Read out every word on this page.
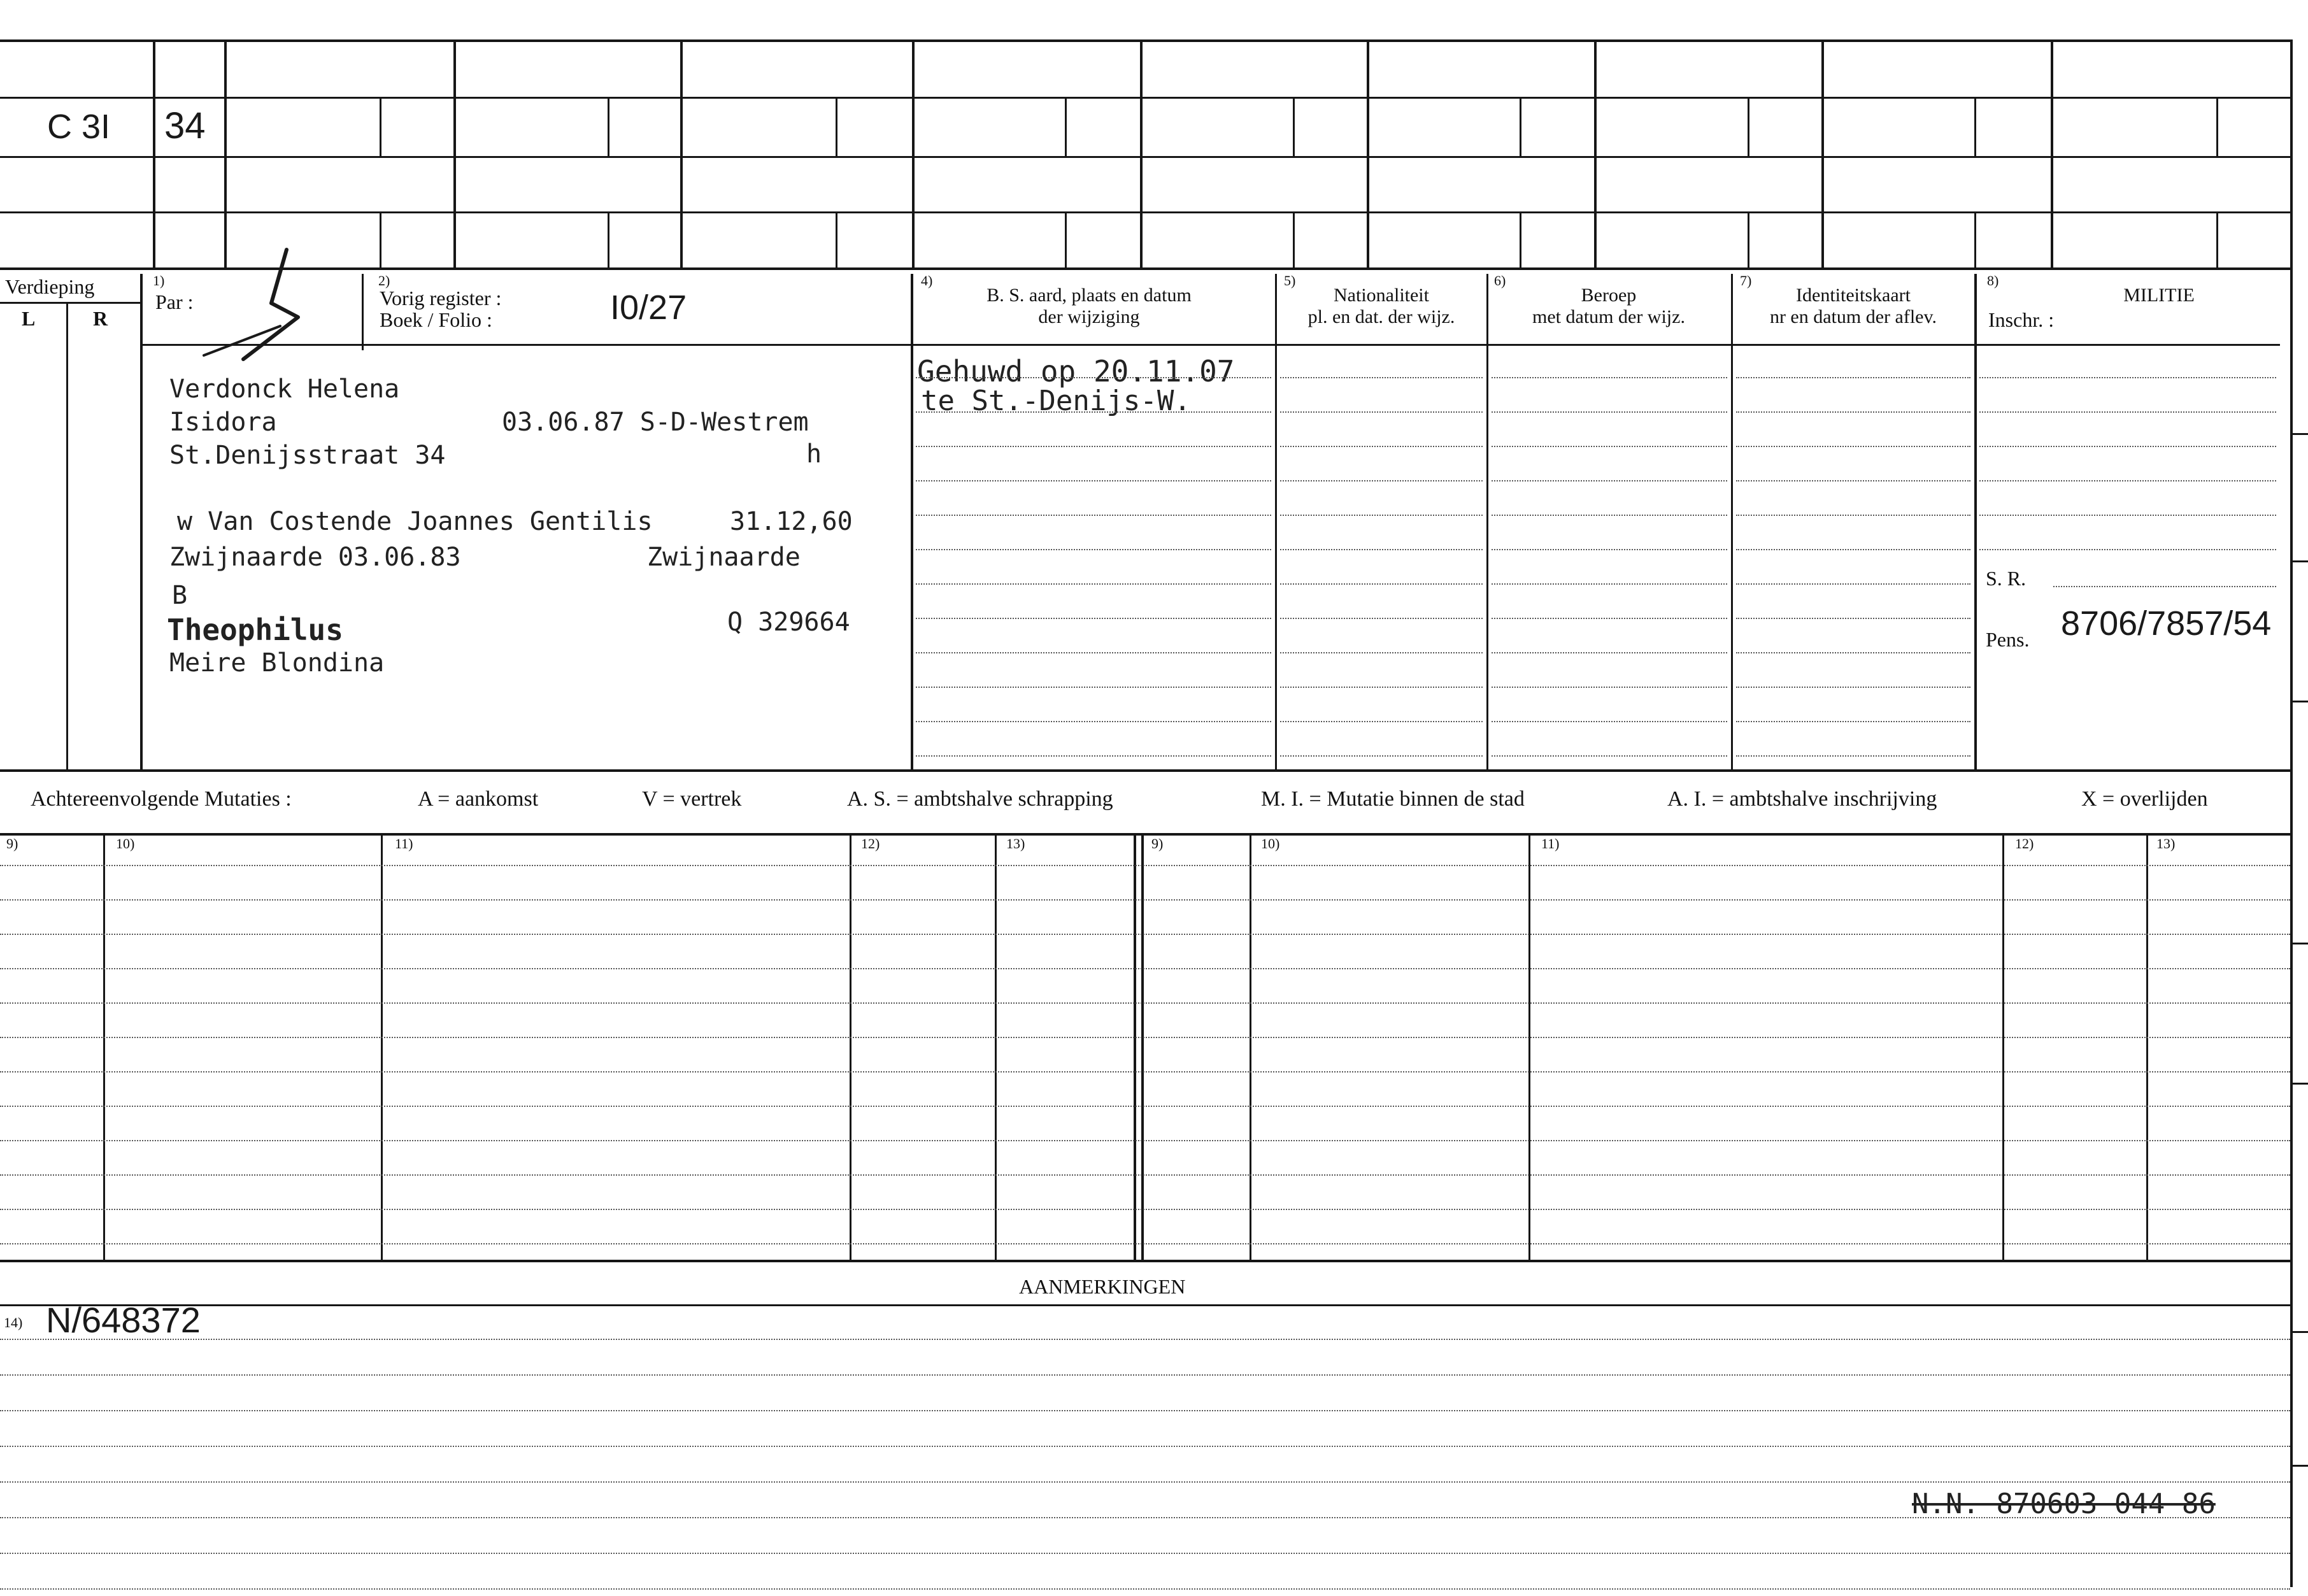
C 3I 34
Verdieping
L	R
1)
Par :
2)
Vorig register :
Boek / Folio :	I0/27
4)
B. S. aard, plaats en datum
der wijziging
5)
Nationaliteit
pl. en dat. der wijz.
6)
Beroep
met datum der wijz.
7)
Identiteitskaart
nr en datum der aflev.
8)
MILITIE
Inschr. :
Verdonck Helena
Isidora	03.06.87 S-D-Westrem
St.Denijsstraat 34	h
w Van Costende Joannes Gentilis	31.12,60
Zwijnaarde 03.06.83	Zwijnaarde
B
Theophilus	Q 329664
Meire Blondina
Gehuwd op 20.11.07
te St.-Denijs-W.
S. R.
Pens. 8706/7857/54
Achtereenvolgende Mutaties :	A = aankomst	V = vertrek	A. S. = ambtshalve schrapping	M. I. = Mutatie binnen de stad	A. I. = ambtshalve inschrijving	X = overlijden
9)	10)	11)	12)	13)	9)	10)	11)	12)	13)
AANMERKINGEN
14) N/648372
N.N. 870603 044 86
